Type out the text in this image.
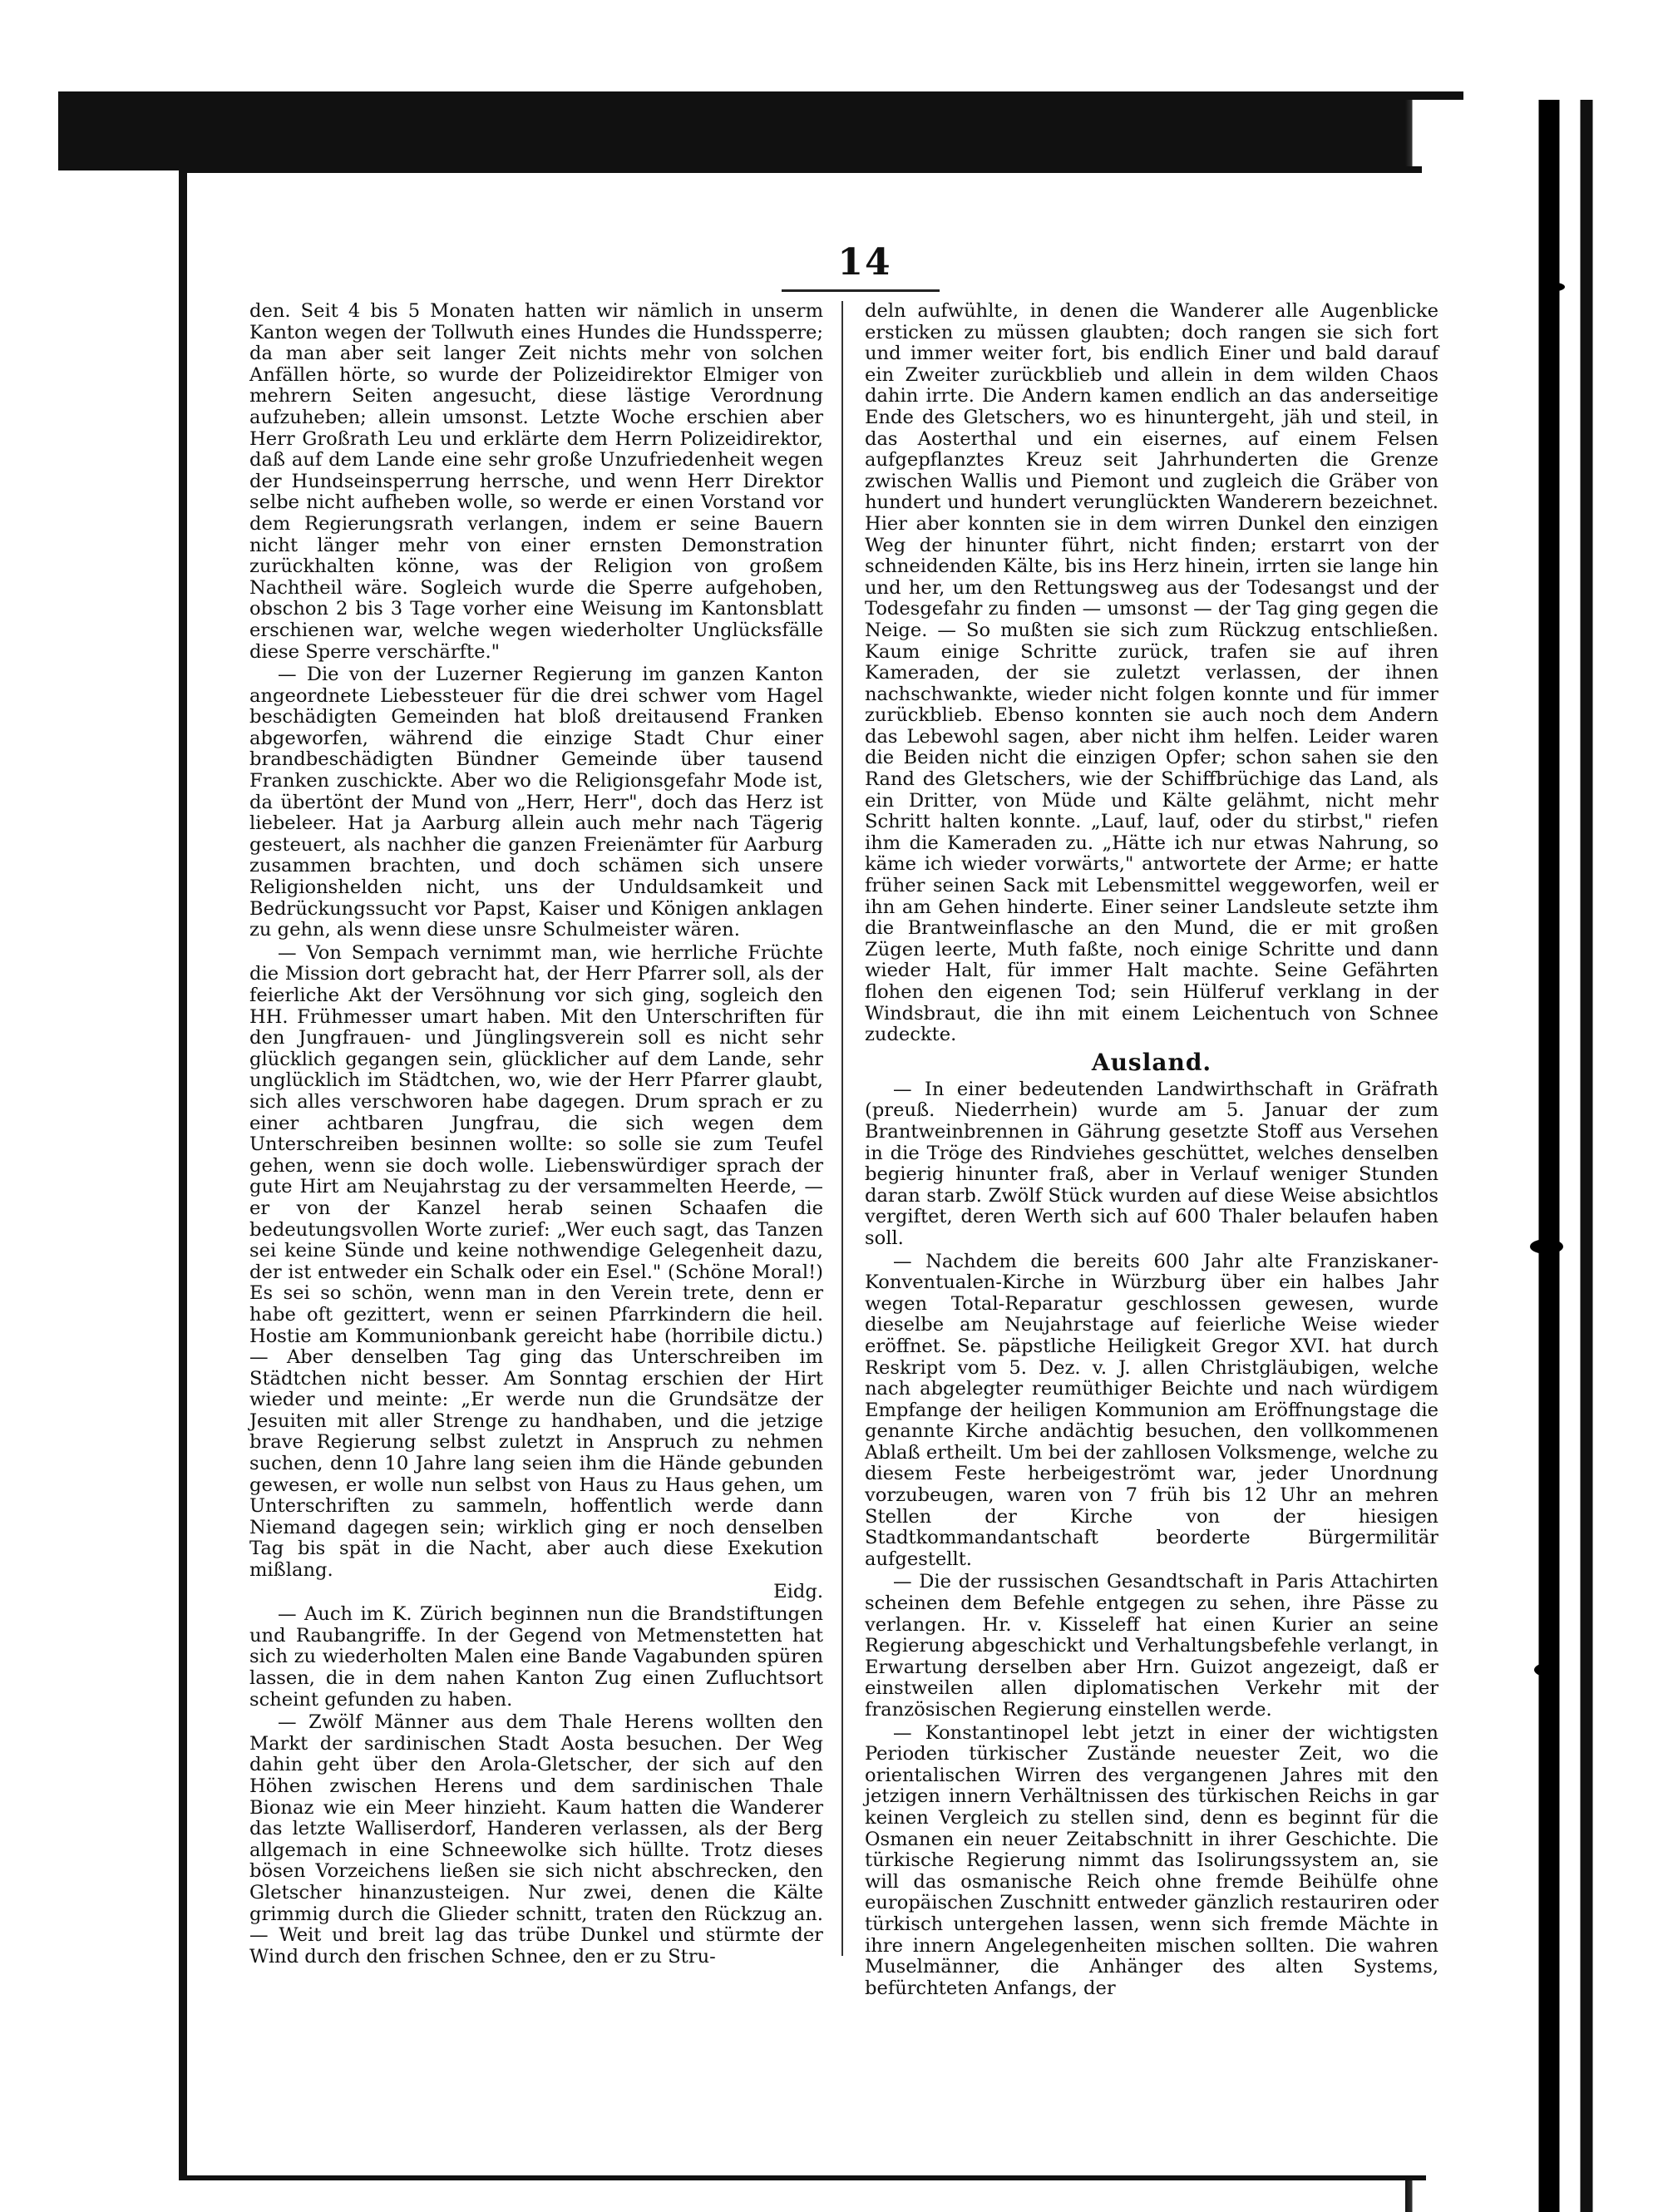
14

den. Seit 4 bis 5 Monaten hatten wir nämlich in unserm Kanton wegen der Tollwuth eines Hundes die Hundssperre; da man aber seit langer Zeit nichts mehr von solchen Anfällen hörte, so wurde der Polizeidirektor Elmiger von mehrern Seiten angesucht, diese lästige Verordnung aufzuheben; allein umsonst. Letzte Woche erschien aber Herr Großrath Leu und erklärte dem Herrn Polizeidirektor, daß auf dem Lande eine sehr große Unzufriedenheit wegen der Hundseinsperrung herrsche, und wenn Herr Direktor selbe nicht aufheben wolle, so werde er einen Vorstand vor dem Regierungsrath verlangen, indem er seine Bauern nicht länger mehr von einer ernsten Demonstration zurückhalten könne, was der Religion von großem Nachtheil wäre. Sogleich wurde die Sperre aufgehoben, obschon 2 bis 3 Tage vorher eine Weisung im Kantonsblatt erschienen war, welche wegen wiederholter Unglücksfälle diese Sperre verschärfte."

— Die von der Luzerner Regierung im ganzen Kanton angeordnete Liebessteuer für die drei schwer vom Hagel beschädigten Gemeinden hat bloß dreitausend Franken abgeworfen, während die einzige Stadt Chur einer brandbeschädigten Bündner Gemeinde über tausend Franken zuschickte. Aber wo die Religionsgefahr Mode ist, da übertönt der Mund von „Herr, Herr", doch das Herz ist liebeleer. Hat ja Aarburg allein auch mehr nach Tägerig gesteuert, als nachher die ganzen Freienämter für Aarburg zusammen brachten, und doch schämen sich unsere Religionshelden nicht, uns der Unduldsamkeit und Bedrückungssucht vor Papst, Kaiser und Königen anklagen zu gehn, als wenn diese unsre Schulmeister wären.

— Von Sempach vernimmt man, wie herrliche Früchte die Mission dort gebracht hat, der Herr Pfarrer soll, als der feierliche Akt der Versöhnung vor sich ging, sogleich den HH. Frühmesser umart haben. Mit den Unterschriften für den Jungfrauen- und Jünglingsverein soll es nicht sehr glücklich gegangen sein, glücklicher auf dem Lande, sehr unglücklich im Städtchen, wo, wie der Herr Pfarrer glaubt, sich alles verschworen habe dagegen. Drum sprach er zu einer achtbaren Jungfrau, die sich wegen dem Unterschreiben besinnen wollte: so solle sie zum Teufel gehen, wenn sie doch wolle. Liebenswürdiger sprach der gute Hirt am Neujahrstag zu der versammelten Heerde, — er von der Kanzel herab seinen Schaafen die bedeutungsvollen Worte zurief: „Wer euch sagt, das Tanzen sei keine Sünde und keine nothwendige Gelegenheit dazu, der ist entweder ein Schalk oder ein Esel." (Schöne Moral!) Es sei so schön, wenn man in den Verein trete, denn er habe oft gezittert, wenn er seinen Pfarrkindern die heil. Hostie am Kommunionbank gereicht habe (horribile dictu.) — Aber denselben Tag ging das Unterschreiben im Städtchen nicht besser. Am Sonntag erschien der Hirt wieder und meinte: „Er werde nun die Grundsätze der Jesuiten mit aller Strenge zu handhaben, und die jetzige brave Regierung selbst zuletzt in Anspruch zu nehmen suchen, denn 10 Jahre lang seien ihm die Hände gebunden gewesen, er wolle nun selbst von Haus zu Haus gehen, um Unterschriften zu sammeln, hoffentlich werde dann Niemand dagegen sein; wirklich ging er noch denselben Tag bis spät in die Nacht, aber auch diese Exekution mißlang.
Eidg.

— Auch im K. Zürich beginnen nun die Brandstiftungen und Raubangriffe. In der Gegend von Metmenstetten hat sich zu wiederholten Malen eine Bande Vagabunden spüren lassen, die in dem nahen Kanton Zug einen Zufluchtsort scheint gefunden zu haben.

— Zwölf Männer aus dem Thale Herens wollten den Markt der sardinischen Stadt Aosta besuchen. Der Weg dahin geht über den Arola-Gletscher, der sich auf den Höhen zwischen Herens und dem sardinischen Thale Bionaz wie ein Meer hinzieht. Kaum hatten die Wanderer das letzte Walliserdorf, Handeren verlassen, als der Berg allgemach in eine Schneewolke sich hüllte. Trotz dieses bösen Vorzeichens ließen sie sich nicht abschrecken, den Gletscher hinanzusteigen. Nur zwei, denen die Kälte grimmig durch die Glieder schnitt, traten den Rückzug an. — Weit und breit lag das trübe Dunkel und stürmte der Wind durch den frischen Schnee, den er zu Stru-

deln aufwühlte, in denen die Wanderer alle Augenblicke ersticken zu müssen glaubten; doch rangen sie sich fort und immer weiter fort, bis endlich Einer und bald darauf ein Zweiter zurückblieb und allein in dem wilden Chaos dahin irrte. Die Andern kamen endlich an das anderseitige Ende des Gletschers, wo es hinuntergeht, jäh und steil, in das Aosterthal und ein eisernes, auf einem Felsen aufgepflanztes Kreuz seit Jahrhunderten die Grenze zwischen Wallis und Piemont und zugleich die Gräber von hundert und hundert verunglückten Wanderern bezeichnet. Hier aber konnten sie in dem wirren Dunkel den einzigen Weg der hinunter führt, nicht finden; erstarrt von der schneidenden Kälte, bis ins Herz hinein, irrten sie lange hin und her, um den Rettungsweg aus der Todesangst und der Todesgefahr zu finden — umsonst — der Tag ging gegen die Neige. — So mußten sie sich zum Rückzug entschließen. Kaum einige Schritte zurück, trafen sie auf ihren Kameraden, der sie zuletzt verlassen, der ihnen nachschwankte, wieder nicht folgen konnte und für immer zurückblieb. Ebenso konnten sie auch noch dem Andern das Lebewohl sagen, aber nicht ihm helfen. Leider waren die Beiden nicht die einzigen Opfer; schon sahen sie den Rand des Gletschers, wie der Schiffbrüchige das Land, als ein Dritter, von Müde und Kälte gelähmt, nicht mehr Schritt halten konnte. „Lauf, lauf, oder du stirbst," riefen ihm die Kameraden zu. „Hätte ich nur etwas Nahrung, so käme ich wieder vorwärts," antwortete der Arme; er hatte früher seinen Sack mit Lebensmittel weggeworfen, weil er ihn am Gehen hinderte. Einer seiner Landsleute setzte ihm die Brantweinflasche an den Mund, die er mit großen Zügen leerte, Muth faßte, noch einige Schritte und dann wieder Halt, für immer Halt machte. Seine Gefährten flohen den eigenen Tod; sein Hülferuf verklang in der Windsbraut, die ihn mit einem Leichentuch von Schnee zudeckte.

Ausland.

— In einer bedeutenden Landwirthschaft in Gräfrath (preuß. Niederrhein) wurde am 5. Januar der zum Brantweinbrennen in Gährung gesetzte Stoff aus Versehen in die Tröge des Rindviehes geschüttet, welches denselben begierig hinunter fraß, aber in Verlauf weniger Stunden daran starb. Zwölf Stück wurden auf diese Weise absichtlos vergiftet, deren Werth sich auf 600 Thaler belaufen haben soll.

— Nachdem die bereits 600 Jahr alte Franziskaner-Konventualen-Kirche in Würzburg über ein halbes Jahr wegen Total-Reparatur geschlossen gewesen, wurde dieselbe am Neujahrstage auf feierliche Weise wieder eröffnet. Se. päpstliche Heiligkeit Gregor XVI. hat durch Reskript vom 5. Dez. v. J. allen Christgläubigen, welche nach abgelegter reumüthiger Beichte und nach würdigem Empfange der heiligen Kommunion am Eröffnungstage die genannte Kirche andächtig besuchen, den vollkommenen Ablaß ertheilt. Um bei der zahllosen Volksmenge, welche zu diesem Feste herbeigeströmt war, jeder Unordnung vorzubeugen, waren von 7 früh bis 12 Uhr an mehren Stellen der Kirche von der hiesigen Stadtkommandantschaft beorderte Bürgermilitär aufgestellt.

— Die der russischen Gesandtschaft in Paris Attachirten scheinen dem Befehle entgegen zu sehen, ihre Pässe zu verlangen. Hr. v. Kisseleff hat einen Kurier an seine Regierung abgeschickt und Verhaltungsbefehle verlangt, in Erwartung derselben aber Hrn. Guizot angezeigt, daß er einstweilen allen diplomatischen Verkehr mit der französischen Regierung einstellen werde.

— Konstantinopel lebt jetzt in einer der wichtigsten Perioden türkischer Zustände neuester Zeit, wo die orientalischen Wirren des vergangenen Jahres mit den jetzigen innern Verhältnissen des türkischen Reichs in gar keinen Vergleich zu stellen sind, denn es beginnt für die Osmanen ein neuer Zeitabschnitt in ihrer Geschichte. Die türkische Regierung nimmt das Isolirungssystem an, sie will das osmanische Reich ohne fremde Beihülfe ohne europäischen Zuschnitt entweder gänzlich restauriren oder türkisch untergehen lassen, wenn sich fremde Mächte in ihre innern Angelegenheiten mischen sollten. Die wahren Muselmänner, die Anhänger des alten Systems, befürchteten Anfangs, der
